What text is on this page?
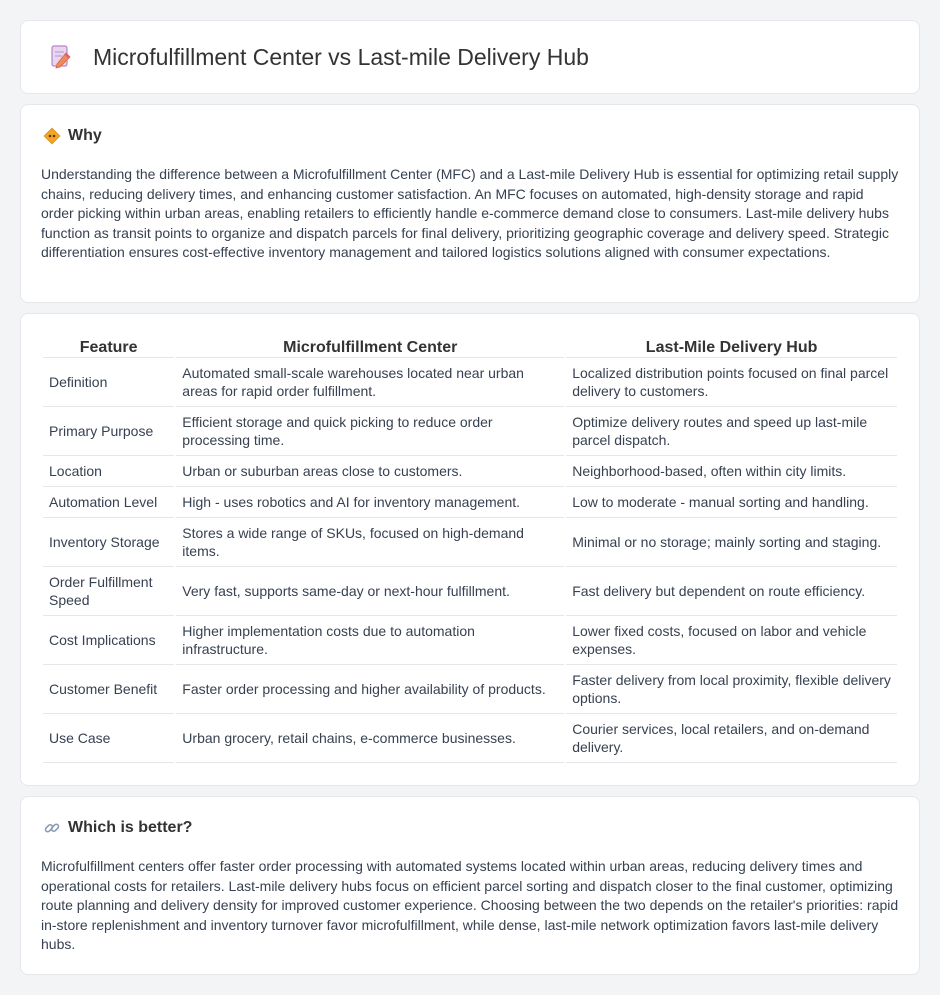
Microfulfillment Center vs Last-mile Delivery Hub
Why

Understanding the difference between a Microfulfillment Center (MFC) and a Last-mile Delivery Hub is essential for optimizing retail supply chains, reducing delivery times, and enhancing customer satisfaction. An MFC focuses on automated, high-density storage and rapid order picking within urban areas, enabling retailers to efficiently handle e-commerce demand close to consumers. Last-mile delivery hubs function as transit points to organize and dispatch parcels for final delivery, prioritizing geographic coverage and delivery speed. Strategic differentiation ensures cost-effective inventory management and tailored logistics solutions aligned with consumer expectations.

Feature	Microfulfillment Center	Last-Mile Delivery Hub
Definition	Automated small-scale warehouses located near urban areas for rapid order fulfillment.	Localized distribution points focused on final parcel delivery to customers.
Primary Purpose	Efficient storage and quick picking to reduce order processing time.	Optimize delivery routes and speed up last-mile parcel dispatch.
Location	Urban or suburban areas close to customers.	Neighborhood-based, often within city limits.
Automation Level	High - uses robotics and AI for inventory management.	Low to moderate - manual sorting and handling.
Inventory Storage	Stores a wide range of SKUs, focused on high-demand items.	Minimal or no storage; mainly sorting and staging.
Order Fulfillment Speed	Very fast, supports same-day or next-hour fulfillment.	Fast delivery but dependent on route efficiency.
Cost Implications	Higher implementation costs due to automation infrastructure.	Lower fixed costs, focused on labor and vehicle expenses.
Customer Benefit	Faster order processing and higher availability of products.	Faster delivery from local proximity, flexible delivery options.
Use Case	Urban grocery, retail chains, e-commerce businesses.	Courier services, local retailers, and on-demand delivery.
Which is better?

Microfulfillment centers offer faster order processing with automated systems located within urban areas, reducing delivery times and operational costs for retailers. Last-mile delivery hubs focus on efficient parcel sorting and dispatch closer to the final customer, optimizing route planning and delivery density for improved customer experience. Choosing between the two depends on the retailer's priorities: rapid in-store replenishment and inventory turnover favor microfulfillment, while dense, last-mile network optimization favors last-mile delivery hubs.
